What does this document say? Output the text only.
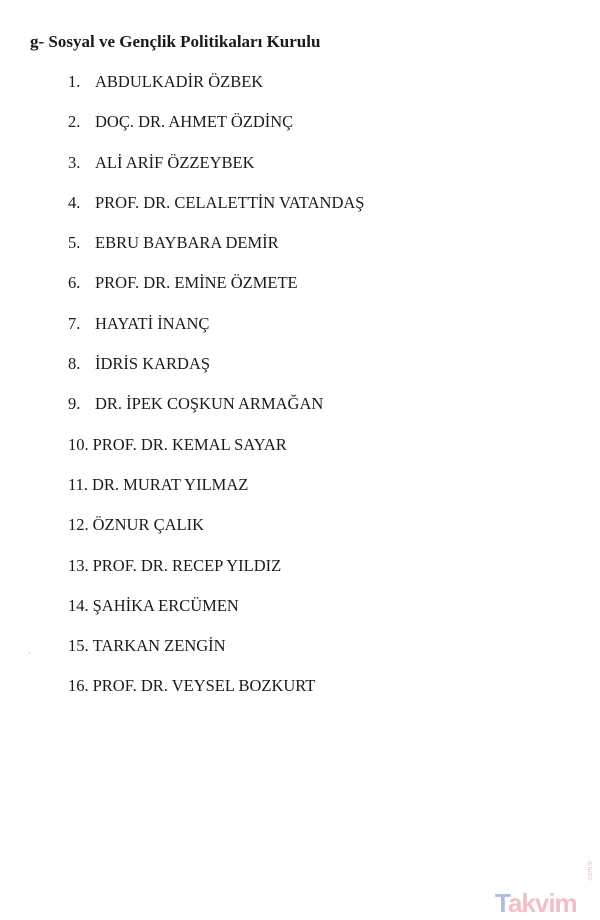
g- Sosyal ve Gençlik Politikaları Kurulu
1. ABDULKADİR ÖZBEK
2. DOÇ. DR. AHMET ÖZDİNÇ
3. ALİ ARİF ÖZZEYBEK
4. PROF. DR. CELALETTİN VATANDAŞ
5. EBRU BAYBARA DEMİR
6. PROF. DR. EMİNE ÖZMETE
7. HAYATİ İNANÇ
8. İDRİS KARDAŞ
9. DR. İPEK COŞKUN ARMAĞAN
10. PROF. DR. KEMAL SAYAR
11. DR. MURAT YILMAZ
12. ÖZNUR ÇALIK
13. PROF. DR. RECEP YILDIZ
14. ŞAHİKA ERCÜMEN
15. TARKAN ZENGİN
16. PROF. DR. VEYSEL BOZKURT
Takvim
.com.tr
